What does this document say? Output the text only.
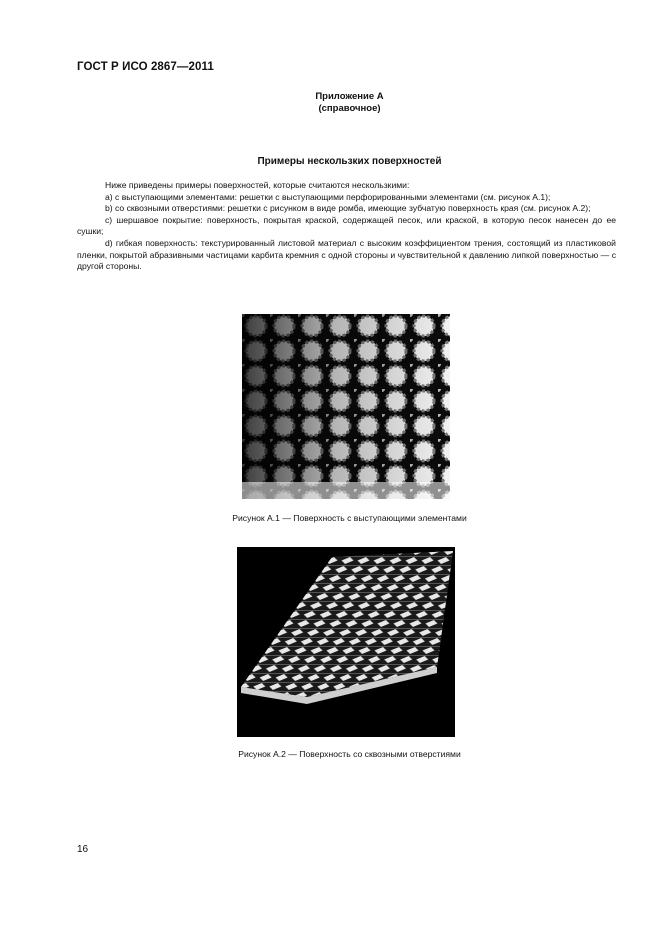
ГОСТ Р ИСО 2867—2011
Приложение А
(справочное)
Примеры нескользких поверхностей

Ниже приведены примеры поверхностей, которые считаются нескользкими:

a) с выступающими элементами: решетки с выступающими перфорированными элементами (см. рисунок А.1);

b) со сквозными отверстиями: решетки с рисунком в виде ромба, имеющие зубчатую поверхность края (см. рисунок А.2);

c) шершавое покрытие: поверхность, покрытая краской, содержащей песок, или краской, в которую песок нанесен до ее сушки;

d) гибкая поверхность: текстурированный листовой материал с высоким коэффициентом трения, состоящий из пластиковой пленки, покрытой абразивными частицами карбита кремния с одной стороны и чувствительной к давлению липкой поверхностью — с другой стороны.

Рисунок А.1 — Поверхность с выступающими элементами
Рисунок А.2 — Поверхность со сквозными отверстиями
16
